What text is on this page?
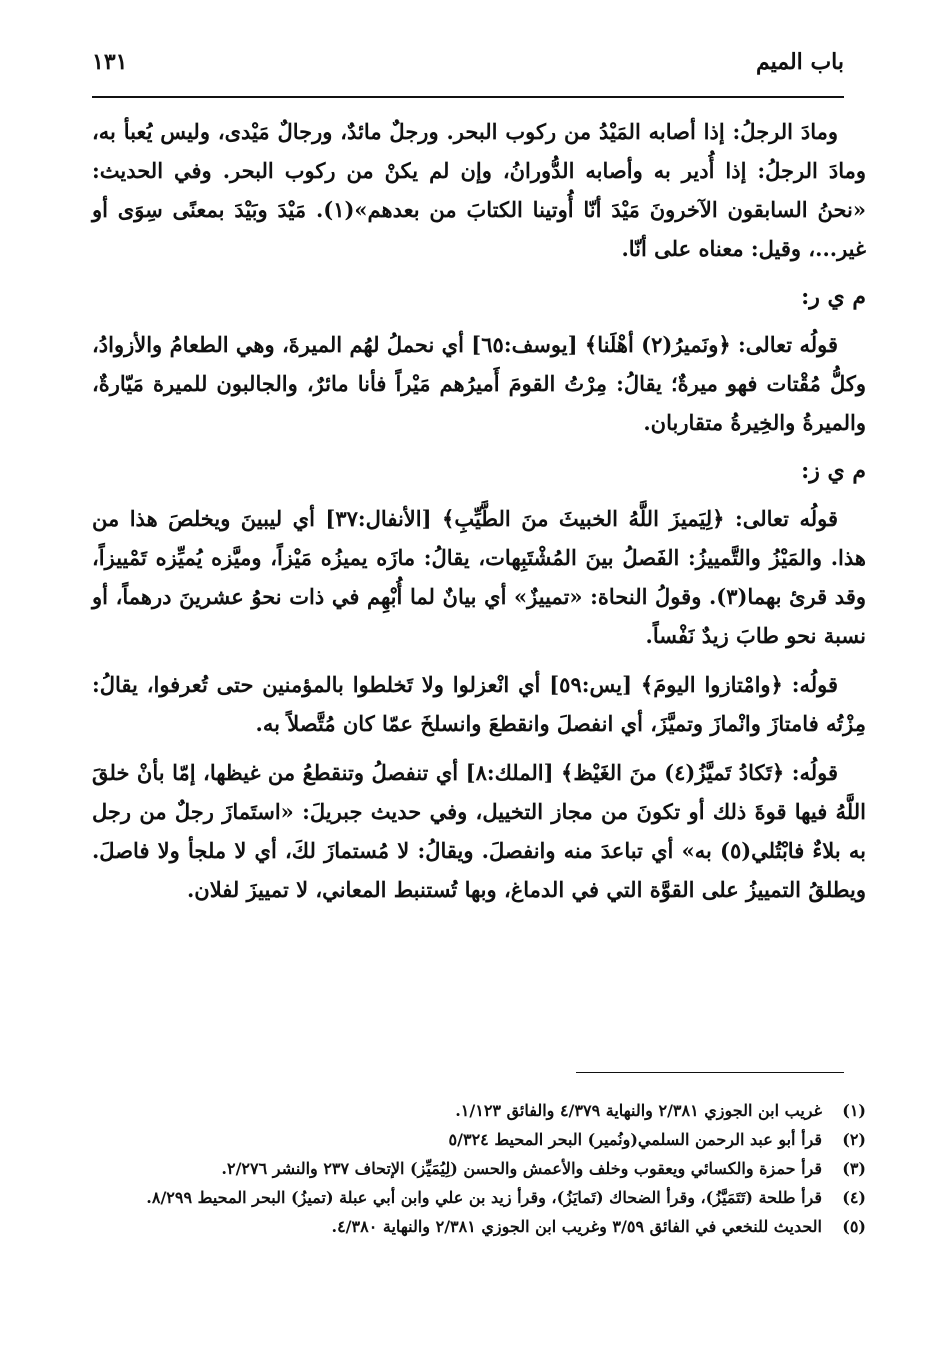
باب الميم
١٣١

ومادَ الرجلُ: إذا أصابه المَيْدُ من ركوب البحر. ورجلٌ مائدٌ، ورجالٌ مَيْدى، وليس يُعبأ به، ومادَ الرجلُ: إذا أُدير به وأصابه الدُّورانُ، وإن لم يكنْ من ركوب البحر. وفي الحديث: «نحنُ السابقون الآخرونَ مَيْدَ أنّا أُوتينا الكتابَ من بعدهم»(١). مَيْدَ وبَيْدَ بمعنًى سِوَى أو غير...، وقيل: معناه على أنّا.

م ي ر:

قولُه تعالى: ﴿ونَميرُ(٢) أهْلَنا﴾ [يوسف:٦٥] أي نحملُ لهُم الميرةَ، وهي الطعامُ والأزوادُ، وكلُّ مُقْتات فهو ميرةٌ؛ يقالُ: مِرْتُ القومَ أَميرُهم مَيْراً فأنا مائرٌ، والجالبون للميرة مَيّارةٌ، والميرةُ والخِيرةُ متقاربان.

م ي ز:

قولُه تعالى: ﴿لِيَميزَ اللَّهُ الخبيثَ منَ الطَّيِّبِ﴾ [الأنفال:٣٧] أي ليبينَ ويخلصَ هذا من هذا. والمَيْزُ والتَّمييزُ: الفَصلُ بينَ المُشْتَبِهات، يقالُ: مازَه يميزُه مَيْزاً، وميَّزه يُميِّزه تَمْييزاً، وقد قرئ بهما(٣). وقولُ النحاة: «تمييزٌ» أي بيانٌ لما أُبْهِم في ذات نحوُ عشرينَ درهماً، أو نسبة نحو طابَ زيدٌ نَفْساً.

قولُه: ﴿وامْتازوا اليومَ﴾ [يس:٥٩] أي انْعزلوا ولا تَخلطوا بالمؤمنين حتى تُعرفوا، يقالُ: مِزْتُه فامتازَ وانْمازَ وتميَّزَ، أي انفصلَ وانقطعَ وانسلخَ عمّا كان مُتَّصلاً به.

قولُه: ﴿تَكادُ تَميَّزُ(٤) منَ الغَيْظ﴾ [الملك:٨] أي تنفصلُ وتنقطعُ من غيظها، إمّا بأنْ خلقَ اللَّهُ فيها قوةَ ذلك أو تكونَ من مجاز التخييل، وفي حديث جبريلَ: «استَمازَ رجلٌ من رجل به بلاءٌ فابْتُلي(٥) به» أي تباعدَ منه وانفصلَ. ويقالُ: لا مُستمازَ لكَ، أي لا ملجأ ولا فاصلَ. ويطلقُ التمييزُ على القوَّة التي في الدماغ، وبها تُستنبط المعاني، لا تمييزَ لفلان.

(١)
غريب ابن الجوزي ٢/٣٨١ والنهاية ٤/٣٧٩ والفائق ١/١٢٣.
(٢)
قرأ أبو عبد الرحمن السلمي(ونُمير) البحر المحيط ٥/٣٢٤
(٣)
قرأ حمزة والكسائي ويعقوب وخلف والأعمش والحسن (لِيُمَيِّز) الإتحاف ٢٣٧ والنشر ٢/٢٧٦.
(٤)
قرأ طلحة (تَتَمَيَّزُ)، وقرأ الضحاك (تَمايَزُ)، وقرأ زيد بن علي وابن أبي عبلة (تميزُ) البحر المحيط ٨/٢٩٩.
(٥)
الحديث للنخعي في الفائق ٣/٥٩ وغريب ابن الجوزي ٢/٣٨١ والنهاية ٤/٣٨٠.
